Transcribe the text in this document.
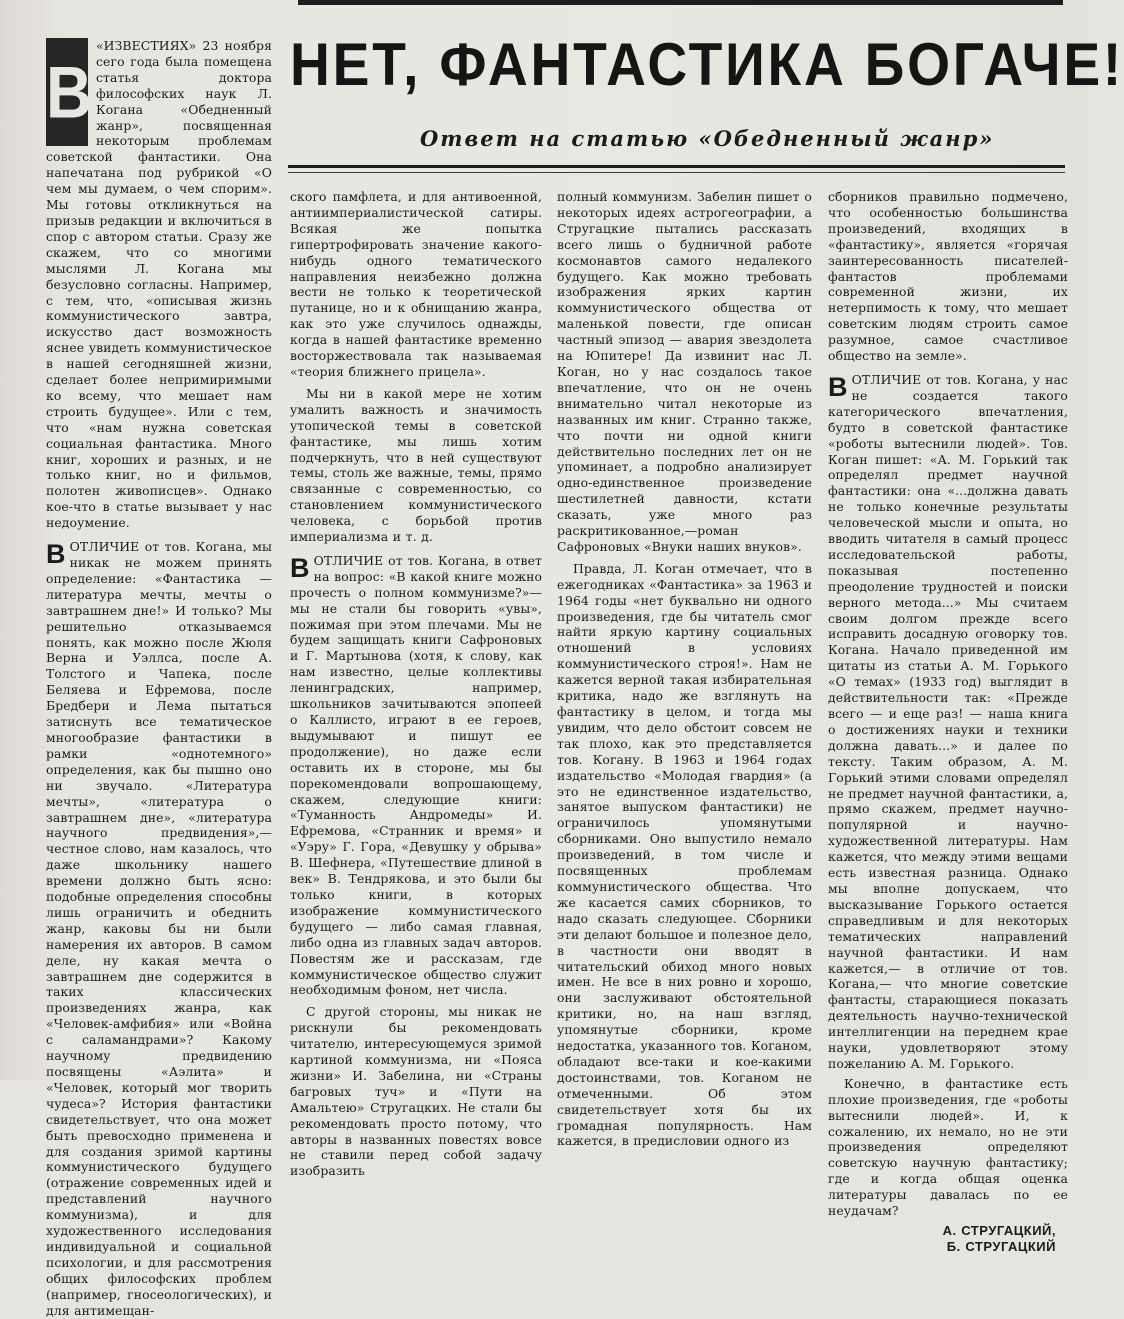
НЕТ, ФАНТАСТИКА БОГАЧЕ!
Ответ на статью «Обедненный жанр»

В
«ИЗВЕСТИЯХ» 23 ноября сего года была помещена статья доктора философских наук Л. Когана «Обедненный жанр», посвященная некоторым проблемам советской фантастики. Она напечатана под рубрикой «О чем мы думаем, о чем спорим». Мы готовы откликнуться на призыв редакции и включиться в спор с автором статьи. Сразу же скажем, что со многими мыслями Л. Когана мы безусловно согласны. Например, с тем, что, «описывая жизнь коммунистического завтра, искусство даст возможность яснее увидеть коммунистическое в нашей сегодняшней жизни, сделает более непримиримыми ко всему, что мешает нам строить будущее». Или с тем, что «нам нужна советская социальная фантастика. Много книг, хороших и разных, и не только книг, но и фильмов, полотен живописцев». Однако кое-что в статье вызывает у нас недоумение.

ВОТЛИЧИЕ от тов. Когана, мы никак не можем принять определение: «Фантастика — литература мечты, мечты о завтрашнем дне!» И только? Мы решительно отказываемся понять, как можно после Жюля Верна и Уэллса, после А. Толстого и Чапека, после Беляева и Ефремова, после Бредбери и Лема пытаться затиснуть все тематическое многообразие фантастики в рамки «однотемного» определения, как бы пышно оно ни звучало. «Литература мечты», «литература о завтрашнем дне», «литература научного предвидения»,— честное слово, нам казалось, что даже школьнику нашего времени должно быть ясно: подобные определения способны лишь ограничить и обеднить жанр, каковы бы ни были намерения их авторов. В самом деле, ну какая мечта о завтрашнем дне содержится в таких классических произведениях жанра, как «Человек-амфибия» или «Война с саламандрами»? Какому научному предвидению посвящены «Аэлита» и «Человек, который мог творить чудеса»? История фантастики свидетельствует, что она может быть превосходно применена и для создания зримой картины коммунистического будущего (отражение современных идей и представлений научного коммунизма), и для художественного исследования индивидуальной и социальной психологии, и для рассмотрения общих философских проблем (например, гносеологических), и для антимещан-

ского памфлета, и для антивоенной, антиимпериалистической сатиры. Всякая же попытка гипертрофировать значение какого-нибудь одного тематического направления неизбежно должна вести не только к теоретической путанице, но и к обнищанию жанра, как это уже случилось однажды, когда в нашей фантастике временно восторжествовала так называемая «теория ближнего прицела».

Мы ни в какой мере не хотим умалить важность и значимость утопической темы в советской фантастике, мы лишь хотим подчеркнуть, что в ней существуют темы, столь же важные, темы, прямо связанные с современностью, со становлением коммунистического человека, с борьбой против империализма и т. д.

ВОТЛИЧИЕ от тов. Когана, в ответ на вопрос: «В какой книге можно прочесть о полном коммунизме?»—мы не стали бы говорить «увы», пожимая при этом плечами. Мы не будем защищать книги Сафроновых и Г. Мартынова (хотя, к слову, как нам известно, целые коллективы ленинградских, например, школьников зачитываются эпопеей о Каллисто, играют в ее героев, выдумывают и пишут ее продолжение), но даже если оставить их в стороне, мы бы порекомендовали вопрошающему, скажем, следующие книги: «Туманность Андромеды» И. Ефремова, «Странник и время» и «Уэру» Г. Гора, «Девушку у обрыва» В. Шефнера, «Путешествие длиной в век» В. Тендрякова, и это были бы только книги, в которых изображение коммунистического будущего — либо самая главная, либо одна из главных задач авторов. Повестям же и рассказам, где коммунистическое общество служит необходимым фоном, нет числа.

С другой стороны, мы никак не рискнули бы рекомендовать читателю, интересующемуся зримой картиной коммунизма, ни «Пояса жизни» И. Забелина, ни «Страны багровых туч» и «Пути на Амальтею» Стругацких. Не стали бы рекомендовать просто потому, что авторы в названных повестях вовсе не ставили перед собой задачу изобразить

полный коммунизм. Забелин пишет о некоторых идеях астрогеографии, а Стругацкие пытались рассказать всего лишь о будничной работе космонавтов самого недалекого будущего. Как можно требовать изображения ярких картин коммунистического общества от маленькой повести, где описан частный эпизод — авария звездолета на Юпитере! Да извинит нас Л. Коган, но у нас создалось такое впечатление, что он не очень внимательно читал некоторые из названных им книг. Странно также, что почти ни одной книги действительно последних лет он не упоминает, а подробно анализирует одно-единственное произведение шестилетней давности, кстати сказать, уже много раз раскритикованное,—роман Сафроновых «Внуки наших внуков».

Правда, Л. Коган отмечает, что в ежегодниках «Фантастика» за 1963 и 1964 годы «нет буквально ни одного произведения, где бы читатель смог найти яркую картину социальных отношений в условиях коммунистического строя!». Нам не кажется верной такая избирательная критика, надо же взглянуть на фантастику в целом, и тогда мы увидим, что дело обстоит совсем не так плохо, как это представляется тов. Когану. В 1963 и 1964 годах издательство «Молодая гвардия» (а это не единственное издательство, занятое выпуском фантастики) не ограничилось упомянутыми сборниками. Оно выпустило немало произведений, в том числе и посвященных проблемам коммунистического общества. Что же касается самих сборников, то надо сказать следующее. Сборники эти делают большое и полезное дело, в частности они вводят в читательский обиход много новых имен. Не все в них ровно и хорошо, они заслуживают обстоятельной критики, но, на наш взгляд, упомянутые сборники, кроме недостатка, указанного тов. Коганом, обладают все-таки и кое-какими достоинствами, тов. Коганом не отмеченными. Об этом свидетельствует хотя бы их громадная популярность. Нам кажется, в предисловии одного из

сборников правильно подмечено, что особенностью большинства произведений, входящих в «фантастику», является «горячая заинтересованность писателей-фантастов проблемами современной жизни, их нетерпимость к тому, что мешает советским людям строить самое разумное, самое счастливое общество на земле».

ВОТЛИЧИЕ от тов. Когана, у нас не создается такого категорического впечатления, будто в советской фантастике «роботы вытеснили людей». Тов. Коган пишет: «А. М. Горький так определял предмет научной фантастики: она «...должна давать не только конечные результаты человеческой мысли и опыта, но вводить читателя в самый процесс исследовательской работы, показывая постепенно преодоление трудностей и поиски верного метода...» Мы считаем своим долгом прежде всего исправить досадную оговорку тов. Когана. Начало приведенной им цитаты из статьи А. М. Горького «О темах» (1933 год) выглядит в действительности так: «Прежде всего — и еще раз! — наша книга о достижениях науки и техники должна давать...» и далее по тексту. Таким образом, А. М. Горький этими словами определял не предмет научной фантастики, а, прямо скажем, предмет научно-популярной и научно-художественной литературы. Нам кажется, что между этими вещами есть известная разница. Однако мы вполне допускаем, что высказывание Горького остается справедливым и для некоторых тематических направлений научной фантастики. И нам кажется,— в отличие от тов. Когана,— что многие советские фантасты, старающиеся показать деятельность научно-технической интеллигенции на переднем крае науки, удовлетворяют этому пожеланию А. М. Горького.

Конечно, в фантастике есть плохие произведения, где «роботы вытеснили людей». И, к сожалению, их немало, но не эти произведения определяют советскую научную фантастику; где и когда общая оценка литературы давалась по ее неудачам?

А. СТРУГАЦКИЙ,
Б. СТРУГАЦКИЙ
